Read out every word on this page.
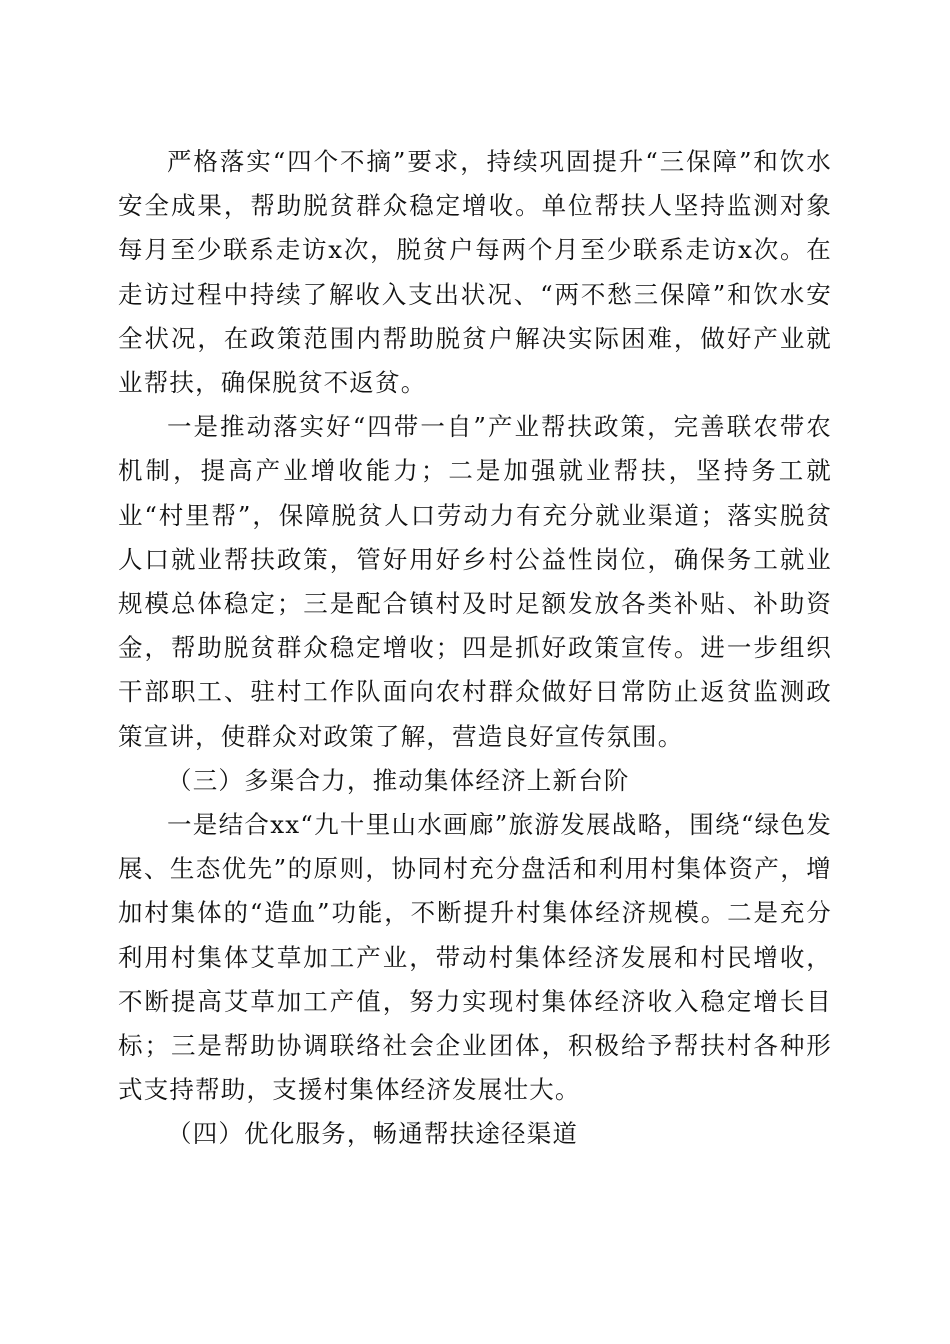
严格落实“四个不摘”要求，持续巩固提升“三保障”和饮水安全成果，帮助脱贫群众稳定增收。单位帮扶人坚持监测对象每月至少联系走访x次，脱贫户每两个月至少联系走访x次。在走访过程中持续了解收入支出状况、“两不愁三保障”和饮水安全状况，在政策范围内帮助脱贫户解决实际困难，做好产业就业帮扶，确保脱贫不返贫。

一是推动落实好“四带一自”产业帮扶政策，完善联农带农机制，提高产业增收能力；二是加强就业帮扶，坚持务工就业“村里帮”，保障脱贫人口劳动力有充分就业渠道；落实脱贫人口就业帮扶政策，管好用好乡村公益性岗位，确保务工就业规模总体稳定；三是配合镇村及时足额发放各类补贴、补助资金，帮助脱贫群众稳定增收；四是抓好政策宣传。进一步组织干部职工、驻村工作队面向农村群众做好日常防止返贫监测政策宣讲，使群众对政策了解，营造良好宣传氛围。

（三）多渠合力，推动集体经济上新台阶

一是结合xx“九十里山水画廊”旅游发展战略，围绕“绿色发展、生态优先”的原则，协同村充分盘活和利用村集体资产，增加村集体的“造血”功能，不断提升村集体经济规模。二是充分利用村集体艾草加工产业，带动村集体经济发展和村民增收，不断提高艾草加工产值，努力实现村集体经济收入稳定增长目标；三是帮助协调联络社会企业团体，积极给予帮扶村各种形式支持帮助，支援村集体经济发展壮大。

（四）优化服务，畅通帮扶途径渠道
